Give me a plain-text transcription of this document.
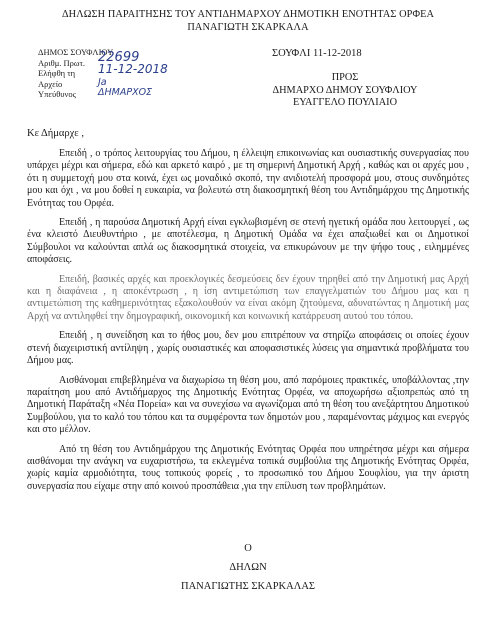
ΔΗΛΩΣΗ ΠΑΡΑΙΤΗΣΗΣ ΤΟΥ ΑΝΤΙΔΗΜΑΡΧΟΥ ΔΗΜΟΤΙΚΗ ΕΝΟΤΗΤΑΣ ΟΡΦΕΑ
ΠΑΝΑΓΙΩΤΗ ΣΚΑΡΚΑΛΑ
ΔΗΜΟΣ ΣΟΥΦΛΙΟΥ
Αριθμ. Πρωτ. 22699
Ελήφθη τη 11-12-2018
Αρχείο	Ja
Υπεύθυνος ΔΗΜΑΡΧΟΣ
ΣΟΥΦΛΙ 11-12-2018
ΠΡΟΣ
ΔΗΜΑΡΧΟ ΔΗΜΟΥ ΣΟΥΦΛΙΟΥ
ΕΥΑΓΓΕΛΟ ΠΟΥΛΙΑΙΟ
Κε Δήμαρχε ,

Επειδή , ο τρόπος λειτουργίας του Δήμου, η έλλειψη επικοινωνίας και ουσιαστικής συνεργασίας που υπάρχει μέχρι και σήμερα, εδώ και αρκετό καιρό , με τη σημερινή Δημοτική Αρχή , καθώς και οι αρχές μου , ότι η συμμετοχή μου στα κοινά, έχει ως μοναδικό σκοπό, την ανιδιοτελή προσφορά μου, στους συνδημότες μου και όχι , να μου δοθεί η ευκαιρία, να βολευτώ στη διακοσμητική θέση του Αντιδημάρχου της Δημοτικής Ενότητας του Ορφέα.

Επειδή , η παρούσα Δημοτική Αρχή είναι εγκλωβισμένη σε στενή ηγετική ομάδα που λειτουργεί , ως ένα κλειστό Διευθυντήριο , με αποτέλεσμα, η Δημοτική Ομάδα να έχει απαξιωθεί και οι Δημοτικοί Σύμβουλοι να καλούνται απλά ως διακοσμητικά στοιχεία, να επικυρώνουν με την ψήφο τους , ειλημμένες αποφάσεις.

Επειδή, βασικές αρχές και προεκλογικές δεσμεύσεις δεν έχουν τηρηθεί από την Δημοτική μας Αρχή και η διαφάνεια , η αποκέντρωση , η ίση αντιμετώπιση των επαγγελματιών του Δήμου μας και η αντιμετώπιση της καθημερινότητας εξακολουθούν να είναι ακόμη ζητούμενα, αδυνατώντας η Δημοτική μας Αρχή να αντιληφθεί την δημογραφική, οικονομική και κοινωνική κατάρρευση αυτού του τόπου.

Επειδή , η συνείδηση και το ήθος μου, δεν μου επιτρέπουν να στηρίζω αποφάσεις οι οποίες έχουν στενή διαχειριστική αντίληψη , χωρίς ουσιαστικές και αποφασιστικές λύσεις για σημαντικά προβλήματα του Δήμου μας.

Αισθάνομαι επιβεβλημένα να διαχωρίσω τη θέση μου, από παρόμοιες πρακτικές, υποβάλλοντας ,την παραίτηση μου από Αντιδήμαρχος της Δημοτικής Ενότητας Ορφέα, να αποχωρήσω αξιοπρεπώς από τη Δημοτική Παράταξη «Νέα Πορεία» και να συνεχίσω να αγωνίζομαι από τη θέση του ανεξάρτητου Δημοτικού Συμβούλου, για το καλό του τόπου και τα συμφέροντα των δημοτών μου , παραμένοντας μάχιμος και ενεργός και στο μέλλον.

Από τη θέση του Αντιδημάρχου της Δημοτικής Ενότητας Ορφέα που υπηρέτησα μέχρι και σήμερα αισθάνομαι την ανάγκη να ευχαριστήσω, τα εκλεγμένα τοπικά συμβούλια της Δημοτικής Ενότητας Ορφέα, χωρίς καμία αρμοδιότητα, τους τοπικούς φορείς , το προσωπικό του Δήμου Σουφλίου, για την άριστη συνεργασία που είχαμε στην από κοινού προσπάθεια ,για την επίλυση των προβλημάτων.

Ο
ΔΗΛΩΝ
ΠΑΝΑΓΙΩΤΗΣ ΣΚΑΡΚΑΛΑΣ
